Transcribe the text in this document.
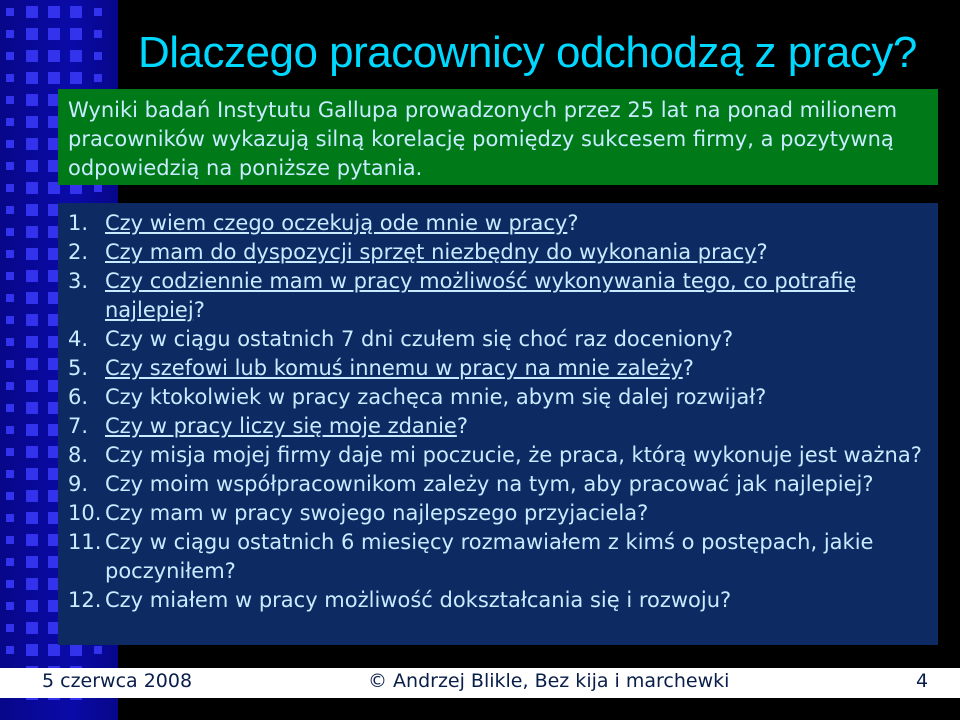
Dlaczego pracownicy odchodzą z pracy?
Wyniki badań Instytutu Gallupa prowadzonych przez 25 lat na ponad milionem pracowników wykazują silną korelację pomiędzy sukcesem firmy, a pozytywną odpowiedzią na poniższe pytania.
1. Czy wiem czego oczekują ode mnie w pracy?
2. Czy mam do dyspozycji sprzęt niezbędny do wykonania pracy?
3. Czy codziennie mam w pracy możliwość wykonywania tego, co potrafię najlepiej?
4. Czy w ciągu ostatnich 7 dni czułem się choć raz doceniony?
5. Czy szefowi lub komuś innemu w pracy na mnie zależy?
6. Czy ktokolwiek w pracy zachęca mnie, abym się dalej rozwijał?
7. Czy w pracy liczy się moje zdanie?
8. Czy misja mojej firmy daje mi poczucie, że praca, którą wykonuje jest ważna?
9. Czy moim współpracownikom zależy na tym, aby pracować jak najlepiej?
10. Czy mam w pracy swojego najlepszego przyjaciela?
11. Czy w ciągu ostatnich 6 miesięcy rozmawiałem z kimś o postępach, jakie poczyniłem?
12. Czy miałem w pracy możliwość dokształcania się i rozwoju?
5 czerwca 2008	© Andrzej Blikle, Bez kija i marchewki	4
